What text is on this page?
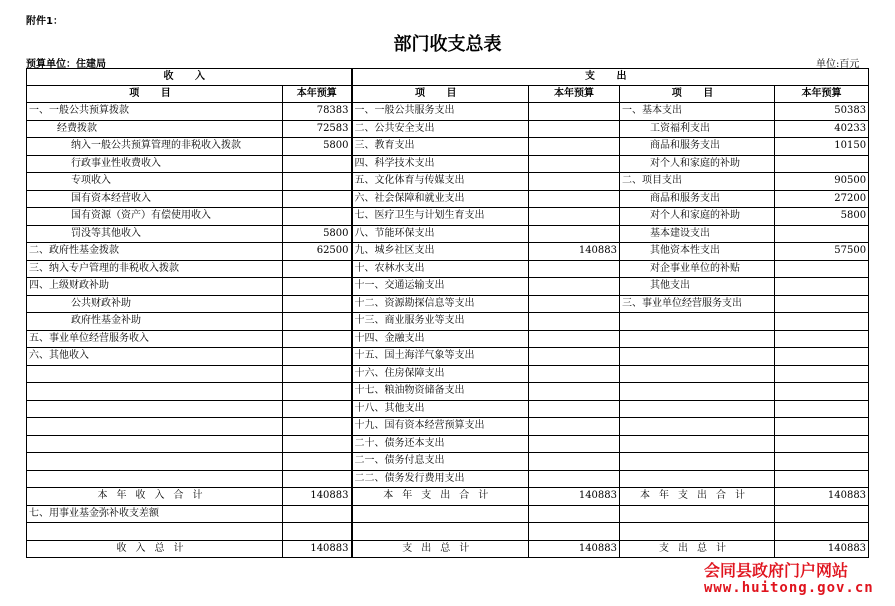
附件1：
部门收支总表
预算单位：住建局	单位:百元
收 入		支 出			
项 目	本年预算	项 目	本年预算	项 目	本年预算
一、一般公共预算拨款	78383	一、一般公共服务支出		一、基本支出	50383
经费拨款	72583	二、公共安全支出		工资福利支出	40233
纳入一般公共预算管理的非税收入拨款	5800	三、教育支出		商品和服务支出	10150
行政事业性收费收入		四、科学技术支出		对个人和家庭的补助	
专项收入		五、文化体育与传媒支出		二、项目支出	90500
国有资本经营收入		六、社会保障和就业支出		商品和服务支出	27200
国有资源（资产）有偿使用收入		七、医疗卫生与计划生育支出		对个人和家庭的补助	5800
罚没等其他收入	5800	八、节能环保支出		基本建设支出	
二、政府性基金拨款	62500	九、城乡社区支出	140883	其他资本性支出	57500
三、纳入专户管理的非税收入拨款		十、农林水支出		对企事业单位的补贴	
四、上级财政补助		十一、交通运输支出		其他支出	
公共财政补助		十二、资源勘探信息等支出		三、事业单位经营服务支出	
政府性基金补助		十三、商业服务业等支出			
五、事业单位经营服务收入		十四、金融支出			
六、其他收入		十五、国土海洋气象等支出			
		十六、住房保障支出			
		十七、粮油物资储备支出			
		十八、其他支出			
		十九、国有资本经营预算支出			
		二十、债务还本支出			
		二一、债务付息支出			
		二二、债务发行费用支出			
本年收入合计	140883	本年支出合计	140883	本年支出合计	140883
七、用事业基金弥补收支差额					

收入总计	140883	支出总计	140883	支出总计	140883
会同县政府门户网站
www.huitong.gov.cn
